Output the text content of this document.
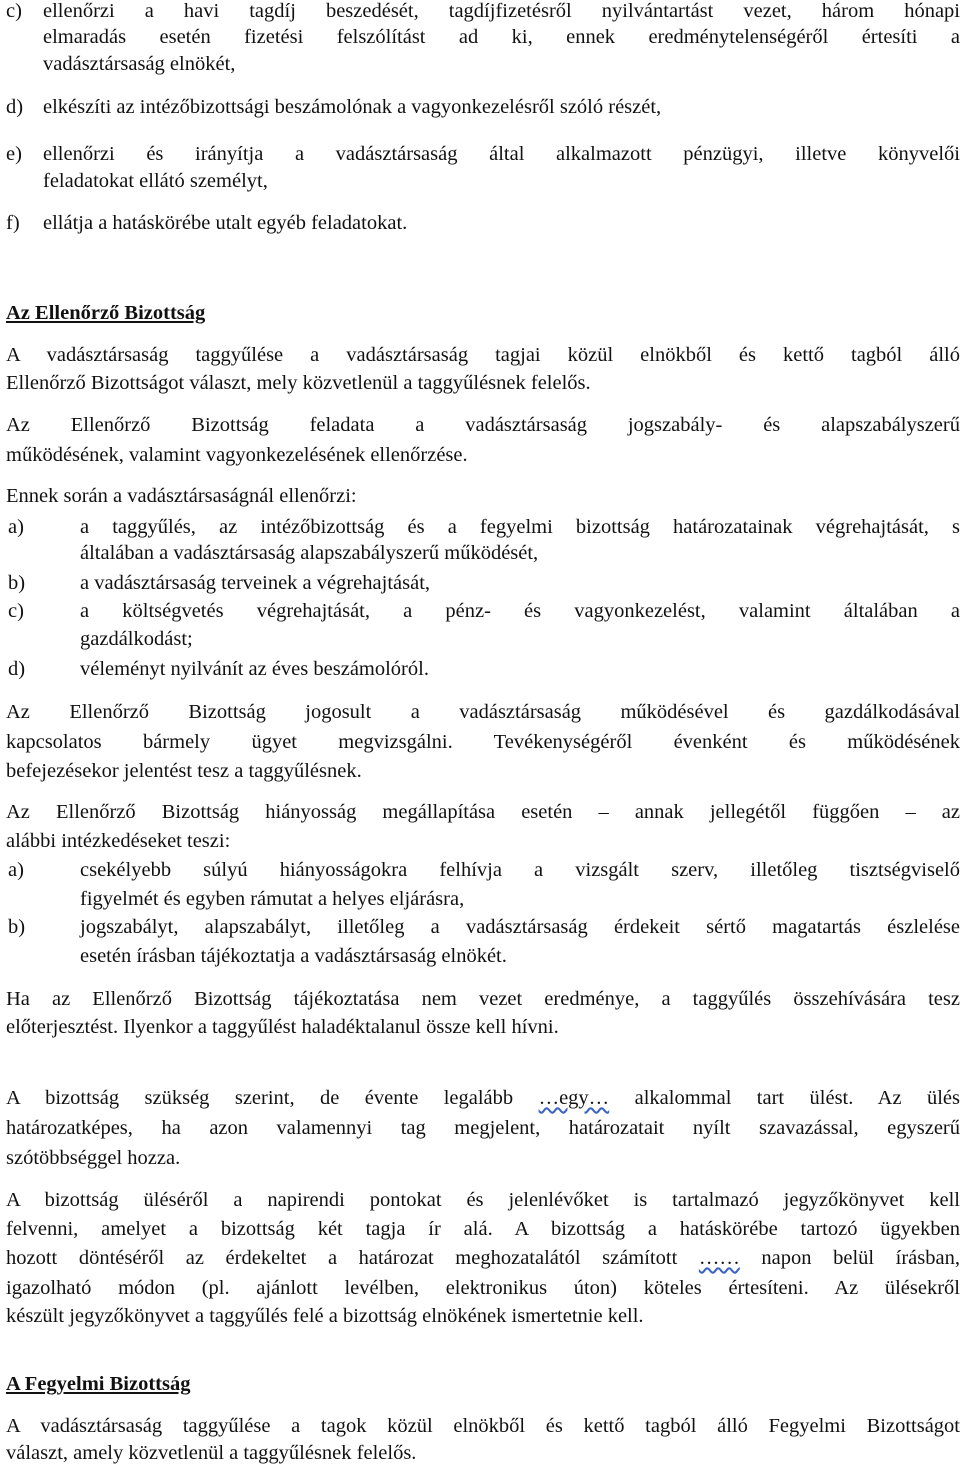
c) ellenőrzi a havi tagdíj beszedését, tagdíjfizetésről nyilvántartást vezet, három hónapi
elmaradás esetén fizetési felszólítást ad ki, ennek eredménytelenségéről értesíti a
vadásztársaság elnökét,
d) elkészíti az intézőbizottsági beszámolónak a vagyonkezelésről szóló részét,
e) ellenőrzi és irányítja a vadásztársaság által alkalmazott pénzügyi, illetve könyvelői
feladatokat ellátó személyt,
f) ellátja a hatáskörébe utalt egyéb feladatokat.
Az Ellenőrző Bizottság
A vadásztársaság taggyűlése a vadásztársaság tagjai közül elnökből és kettő tagból álló
Ellenőrző Bizottságot választ, mely közvetlenül a taggyűlésnek felelős.
Az Ellenőrző Bizottság feladata a vadásztársaság jogszabály- és alapszabályszerű
működésének, valamint vagyonkezelésének ellenőrzése.
Ennek során a vadásztársaságnál ellenőrzi:
a)	a taggyűlés, az intézőbizottság és a fegyelmi bizottság határozatainak végrehajtását, s
általában a vadásztársaság alapszabályszerű működését,
b)	a vadásztársaság terveinek a végrehajtását,
c)	a költségvetés végrehajtását, a pénz- és vagyonkezelést, valamint általában a
gazdálkodást;
d)	véleményt nyilvánít az éves beszámolóról.
Az Ellenőrző Bizottság jogosult a vadásztársaság működésével és gazdálkodásával
kapcsolatos bármely ügyet megvizsgálni. Tevékenységéről évenként és működésének
befejezésekor jelentést tesz a taggyűlésnek.
Az Ellenőrző Bizottság hiányosság megállapítása esetén – annak jellegétől függően – az
alábbi intézkedéseket teszi:
a)	csekélyebb súlyú hiányosságokra felhívja a vizsgált szerv, illetőleg tisztségviselő
figyelmét és egyben rámutat a helyes eljárásra,
b)	jogszabályt, alapszabályt, illetőleg a vadásztársaság érdekeit sértő magatartás észlelése
esetén írásban tájékoztatja a vadásztársaság elnökét.
Ha az Ellenőrző Bizottság tájékoztatása nem vezet eredménye, a taggyűlés összehívására tesz
előterjesztést. Ilyenkor a taggyűlést haladéktalanul össze kell hívni.
A bizottság szükség szerint, de évente legalább …egy… alkalommal tart ülést. Az ülés
határozatképes, ha azon valamennyi tag megjelent, határozatait nyílt szavazással, egyszerű
szótöbbséggel hozza.
A bizottság üléséről a napirendi pontokat és jelenlévőket is tartalmazó jegyzőkönyvet kell
felvenni, amelyet a bizottság két tagja ír alá. A bizottság a hatáskörébe tartozó ügyekben
hozott döntéséről az érdekeltet a határozat meghozatalától számított …… napon belül írásban,
igazolható módon (pl. ajánlott levélben, elektronikus úton) köteles értesíteni. Az ülésekről
készült jegyzőkönyvet a taggyűlés felé a bizottság elnökének ismertetnie kell.
A Fegyelmi Bizottság
A vadásztársaság taggyűlése a tagok közül elnökből és kettő tagból álló Fegyelmi Bizottságot
választ, amely közvetlenül a taggyűlésnek felelős.
